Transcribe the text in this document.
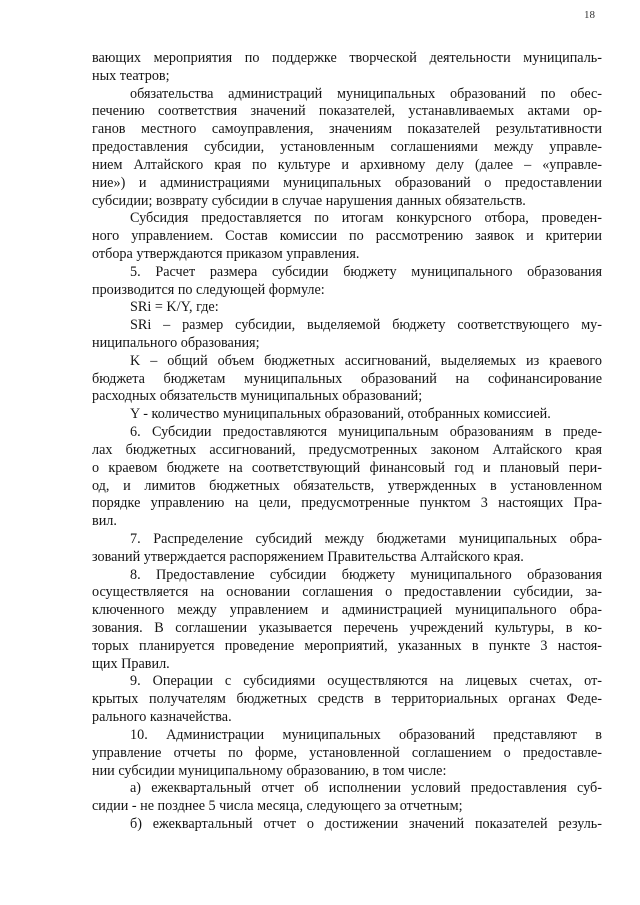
18
вающих мероприятия по поддержке творческой деятельности муниципаль-
ных театров;
обязательства администраций муниципальных образований по обес-
печению соответствия значений показателей, устанавливаемых актами ор-
ганов местного самоуправления, значениям показателей результативности
предоставления субсидии, установленным соглашениями между управле-
нием Алтайского края по культуре и архивному делу (далее – «управле-
ние») и администрациями муниципальных образований о предоставлении
субсидии; возврату субсидии в случае нарушения данных обязательств.
Субсидия предоставляется по итогам конкурсного отбора, проведен-
ного управлением. Состав комиссии по рассмотрению заявок и критерии
отбора утверждаются приказом управления.
5. Расчет размера субсидии бюджету муниципального образования
производится по следующей формуле:
SRi = K/Y, где:
SRi – размер субсидии, выделяемой бюджету соответствующего му-
ниципального образования;
K – общий объем бюджетных ассигнований, выделяемых из краевого
бюджета бюджетам муниципальных образований на софинансирование
расходных обязательств муниципальных образований;
Y - количество муниципальных образований, отобранных комиссией.
6. Субсидии предоставляются муниципальным образованиям в преде-
лах бюджетных ассигнований, предусмотренных законом Алтайского края
о краевом бюджете на соответствующий финансовый год и плановый пери-
од, и лимитов бюджетных обязательств, утвержденных в установленном
порядке управлению на цели, предусмотренные пунктом 3 настоящих Пра-
вил.
7. Распределение субсидий между бюджетами муниципальных обра-
зований утверждается распоряжением Правительства Алтайского края.
8. Предоставление субсидии бюджету муниципального образования
осуществляется на основании соглашения о предоставлении субсидии, за-
ключенного между управлением и администрацией муниципального обра-
зования. В соглашении указывается перечень учреждений культуры, в ко-
торых планируется проведение мероприятий, указанных в пункте 3 настоя-
щих Правил.
9. Операции с субсидиями осуществляются на лицевых счетах, от-
крытых получателям бюджетных средств в территориальных органах Феде-
рального казначейства.
10. Администрации муниципальных образований представляют в
управление отчеты по форме, установленной соглашением о предоставле-
нии субсидии муниципальному образованию, в том числе:
а) ежеквартальный отчет об исполнении условий предоставления суб-
сидии - не позднее 5 числа месяца, следующего за отчетным;
б) ежеквартальный отчет о достижении значений показателей резуль-
